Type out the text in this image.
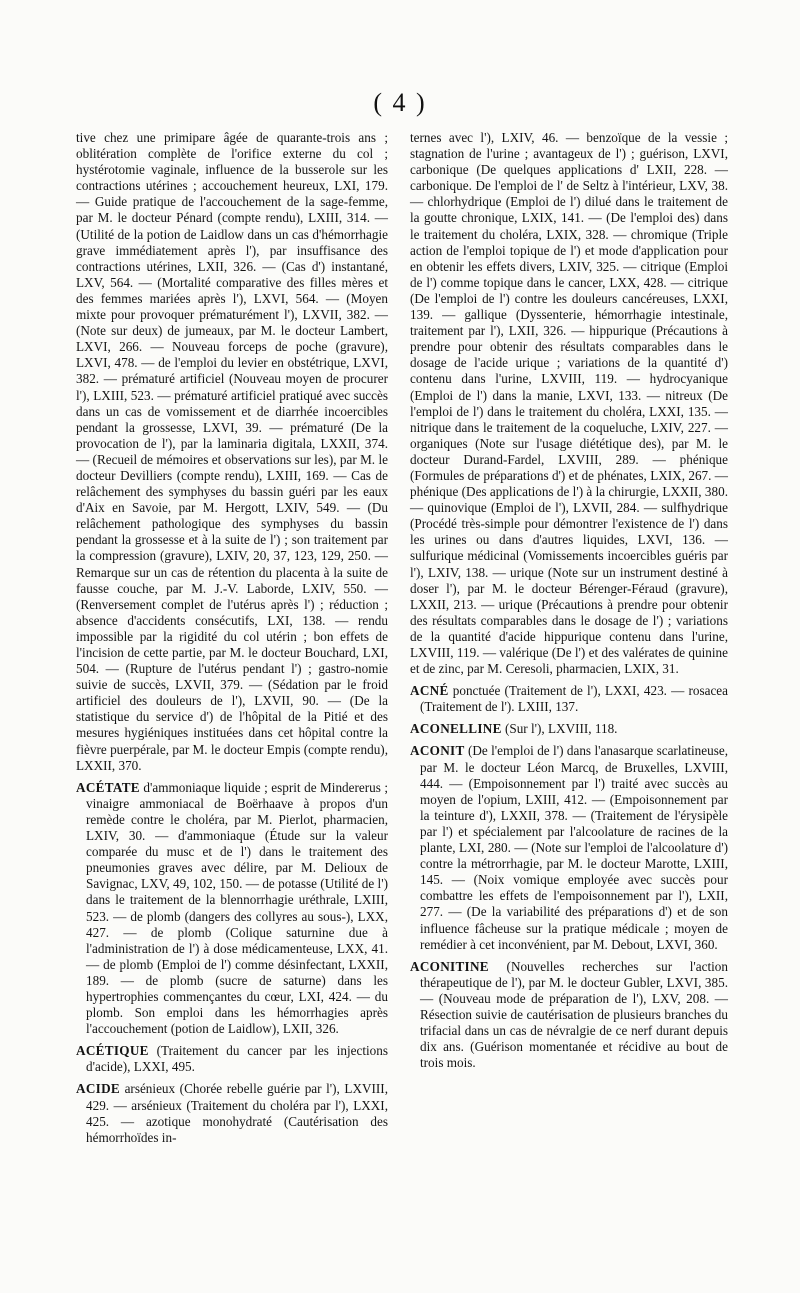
( 4 )

tive chez une primipare âgée de quarante-trois ans ; oblitération complète de l'orifice externe du col ; hystérotomie vaginale, influence de la busserole sur les contractions utérines ; accouchement heureux, LXI, 179. — Guide pratique de l'accouchement de la sage-femme, par M. le docteur Pénard (compte rendu), LXIII, 314. — (Utilité de la potion de Laidlow dans un cas d'hémorrhagie grave immédiatement après l'), par insuffisance des contractions utérines, LXII, 326. — (Cas d') instantané, LXV, 564. — (Mortalité comparative des filles mères et des femmes mariées après l'), LXVI, 564. — (Moyen mixte pour provoquer prématurément l'), LXVII, 382. — (Note sur deux) de jumeaux, par M. le docteur Lambert, LXVI, 266. — Nouveau forceps de poche (gravure), LXVI, 478. — de l'emploi du levier en obstétrique, LXVI, 382. — prématuré artificiel (Nouveau moyen de procurer l'), LXIII, 523. — prématuré artificiel pratiqué avec succès dans un cas de vomissement et de diarrhée incoercibles pendant la grossesse, LXVI, 39. — prématuré (De la provocation de l'), par la laminaria digitala, LXXII, 374. — (Recueil de mémoires et observations sur les), par M. le docteur Devilliers (compte rendu), LXIII, 169. — Cas de relâchement des symphyses du bassin guéri par les eaux d'Aix en Savoie, par M. Hergott, LXIV, 549. — (Du relâchement pathologique des symphyses du bassin pendant la grossesse et à la suite de l') ; son traitement par la compression (gravure), LXIV, 20, 37, 123, 129, 250. — Remarque sur un cas de rétention du placenta à la suite de fausse couche, par M. J.-V. Laborde, LXIV, 550. — (Renversement complet de l'utérus après l') ; réduction ; absence d'accidents consécutifs, LXI, 138. — rendu impossible par la rigidité du col utérin ; bon effets de l'incision de cette partie, par M. le docteur Bouchard, LXI, 504. — (Rupture de l'utérus pendant l') ; gastro-nomie suivie de succès, LXVII, 379. — (Sédation par le froid artificiel des douleurs de l'), LXVII, 90. — (De la statistique du service d') de l'hôpital de la Pitié et des mesures hygiéniques instituées dans cet hôpital contre la fièvre puerpérale, par M. le docteur Empis (compte rendu), LXXII, 370.

ACÉTATE d'ammoniaque liquide ; esprit de Mindererus ; vinaigre ammoniacal de Boërhaave à propos d'un remède contre le choléra, par M. Pierlot, pharmacien, LXIV, 30. — d'ammoniaque (Étude sur la valeur comparée du musc et de l') dans le traitement des pneumonies graves avec délire, par M. Delioux de Savignac, LXV, 49, 102, 150. — de potasse (Utilité de l') dans le traitement de la blennorrhagie uréthrale, LXIII, 523. — de plomb (dangers des collyres au sous-), LXX, 427. — de plomb (Colique saturnine due à l'administration de l') à dose médicamenteuse, LXX, 41. — de plomb (Emploi de l') comme désinfectant, LXXII, 189. — de plomb (sucre de saturne) dans les hypertrophies commençantes du cœur, LXI, 424. — du plomb. Son emploi dans les hémorrhagies après l'accouchement (potion de Laidlow), LXII, 326.

ACÉTIQUE (Traitement du cancer par les injections d'acide), LXXI, 495.

ACIDE arsénieux (Chorée rebelle guérie par l'), LXVIII, 429. — arsénieux (Traitement du choléra par l'), LXXI, 425. — azotique monohydraté (Cautérisation des hémorrhoïdes in-

ternes avec l'), LXIV, 46. — benzoïque de la vessie ; stagnation de l'urine ; avantageux de l') ; guérison, LXVI, carbonique (De quelques applications d' LXII, 228. — carbonique. De l'emploi de l' de Seltz à l'intérieur, LXV, 38. — chlorhydrique (Emploi de l') dilué dans le traitement de la goutte chronique, LXIX, 141. — (De l'emploi des) dans le traitement du choléra, LXIX, 328. — chromique (Triple action de l'emploi topique de l') et mode d'application pour en obtenir les effets divers, LXIV, 325. — citrique (Emploi de l') comme topique dans le cancer, LXX, 428. — citrique (De l'emploi de l') contre les douleurs cancéreuses, LXXI, 139. — gallique (Dyssenterie, hémorrhagie intestinale, traitement par l'), LXII, 326. — hippurique (Précautions à prendre pour obtenir des résultats comparables dans le dosage de l'acide urique ; variations de la quantité d') contenu dans l'urine, LXVIII, 119. — hydrocyanique (Emploi de l') dans la manie, LXVI, 133. — nitreux (De l'emploi de l') dans le traitement du choléra, LXXI, 135. — nitrique dans le traitement de la coqueluche, LXIV, 227. — organiques (Note sur l'usage diététique des), par M. le docteur Durand-Fardel, LXVIII, 289. — phénique (Formules de préparations d') et de phénates, LXIX, 267. — phénique (Des applications de l') à la chirurgie, LXXII, 380. — quinovique (Emploi de l'), LXVII, 284. — sulfhydrique (Procédé très-simple pour démontrer l'existence de l') dans les urines ou dans d'autres liquides, LXVI, 136. — sulfurique médicinal (Vomissements incoercibles guéris par l'), LXIV, 138. — urique (Note sur un instrument destiné à doser l'), par M. le docteur Bérenger-Féraud (gravure), LXXII, 213. — urique (Précautions à prendre pour obtenir des résultats comparables dans le dosage de l') ; variations de la quantité d'acide hippurique contenu dans l'urine, LXVIII, 119. — valérique (De l') et des valérates de quinine et de zinc, par M. Ceresoli, pharmacien, LXIX, 31.

ACNÉ ponctuée (Traitement de l'), LXXI, 423. — rosacea (Traitement de l'). LXIII, 137.

ACONELLINE (Sur l'), LXVIII, 118.

ACONIT (De l'emploi de l') dans l'anasarque scarlatineuse, par M. le docteur Léon Marcq, de Bruxelles, LXVIII, 444. — (Empoisonnement par l') traité avec succès au moyen de l'opium, LXIII, 412. — (Empoisonnement par la teinture d'), LXXII, 378. — (Traitement de l'érysipèle par l') et spécialement par l'alcoolature de racines de la plante, LXI, 280. — (Note sur l'emploi de l'alcoolature d') contre la métrorrhagie, par M. le docteur Marotte, LXIII, 145. — (Noix vomique employée avec succès pour combattre les effets de l'empoisonnement par l'), LXII, 277. — (De la variabilité des préparations d') et de son influence fâcheuse sur la pratique médicale ; moyen de remédier à cet inconvénient, par M. Debout, LXVI, 360.

ACONITINE (Nouvelles recherches sur l'action thérapeutique de l'), par M. le docteur Gubler, LXVI, 385. — (Nouveau mode de préparation de l'), LXV, 208. — Résection suivie de cautérisation de plusieurs branches du trifacial dans un cas de névralgie de ce nerf durant depuis dix ans. (Guérison momentanée et récidive au bout de trois mois.
